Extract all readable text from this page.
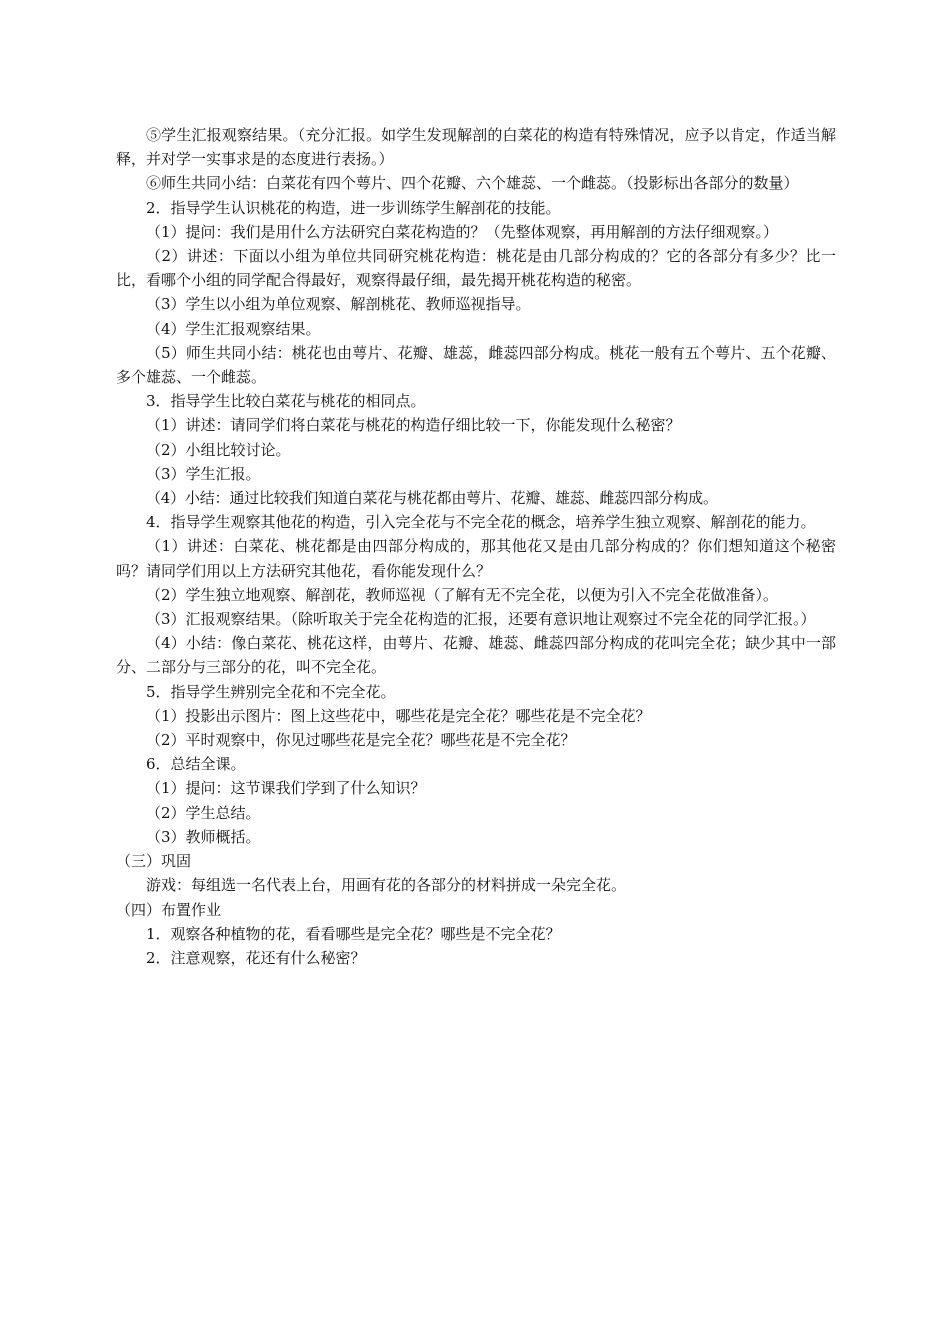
⑤学生汇报观察结果。（充分汇报。如学生发现解剖的白菜花的构造有特殊情况，应予以肯定，作适当解释，并对学一实事求是的态度进行表扬。）

⑥师生共同小结：白菜花有四个萼片、四个花瓣、六个雄蕊、一个雌蕊。（投影标出各部分的数量）

2．指导学生认识桃花的构造，进一步训练学生解剖花的技能。

（1）提问：我们是用什么方法研究白菜花构造的？（先整体观察，再用解剖的方法仔细观察。）

（2）讲述：下面以小组为单位共同研究桃花构造：桃花是由几部分构成的？它的各部分有多少？比一比，看哪个小组的同学配合得最好，观察得最仔细，最先揭开桃花构造的秘密。

（3）学生以小组为单位观察、解剖桃花、教师巡视指导。

（4）学生汇报观察结果。

（5）师生共同小结：桃花也由萼片、花瓣、雄蕊，雌蕊四部分构成。桃花一般有五个萼片、五个花瓣、多个雄蕊、一个雌蕊。

3．指导学生比较白菜花与桃花的相同点。

（1）讲述：请同学们将白菜花与桃花的构造仔细比较一下，你能发现什么秘密？

（2）小组比较讨论。

（3）学生汇报。

（4）小结：通过比较我们知道白菜花与桃花都由萼片、花瓣、雄蕊、雌蕊四部分构成。

4．指导学生观察其他花的构造，引入完全花与不完全花的概念，培养学生独立观察、解剖花的能力。

（1）讲述：白菜花、桃花都是由四部分构成的，那其他花又是由几部分构成的？你们想知道这个秘密吗？请同学们用以上方法研究其他花，看你能发现什么？

（2）学生独立地观察、解剖花，教师巡视（了解有无不完全花，以便为引入不完全花做准备）。

（3）汇报观察结果。（除听取关于完全花构造的汇报，还要有意识地让观察过不完全花的同学汇报。）

（4）小结：像白菜花、桃花这样，由萼片、花瓣、雄蕊、雌蕊四部分构成的花叫完全花；缺少其中一部分、二部分与三部分的花，叫不完全花。

5．指导学生辨别完全花和不完全花。

（1）投影出示图片：图上这些花中，哪些花是完全花？哪些花是不完全花？

（2）平时观察中，你见过哪些花是完全花？哪些花是不完全花？

6．总结全课。

（1）提问：这节课我们学到了什么知识？

（2）学生总结。

（3）教师概括。

（三）巩固

游戏：每组选一名代表上台，用画有花的各部分的材料拼成一朵完全花。

（四）布置作业

1．观察各种植物的花，看看哪些是完全花？哪些是不完全花？

2．注意观察，花还有什么秘密？
